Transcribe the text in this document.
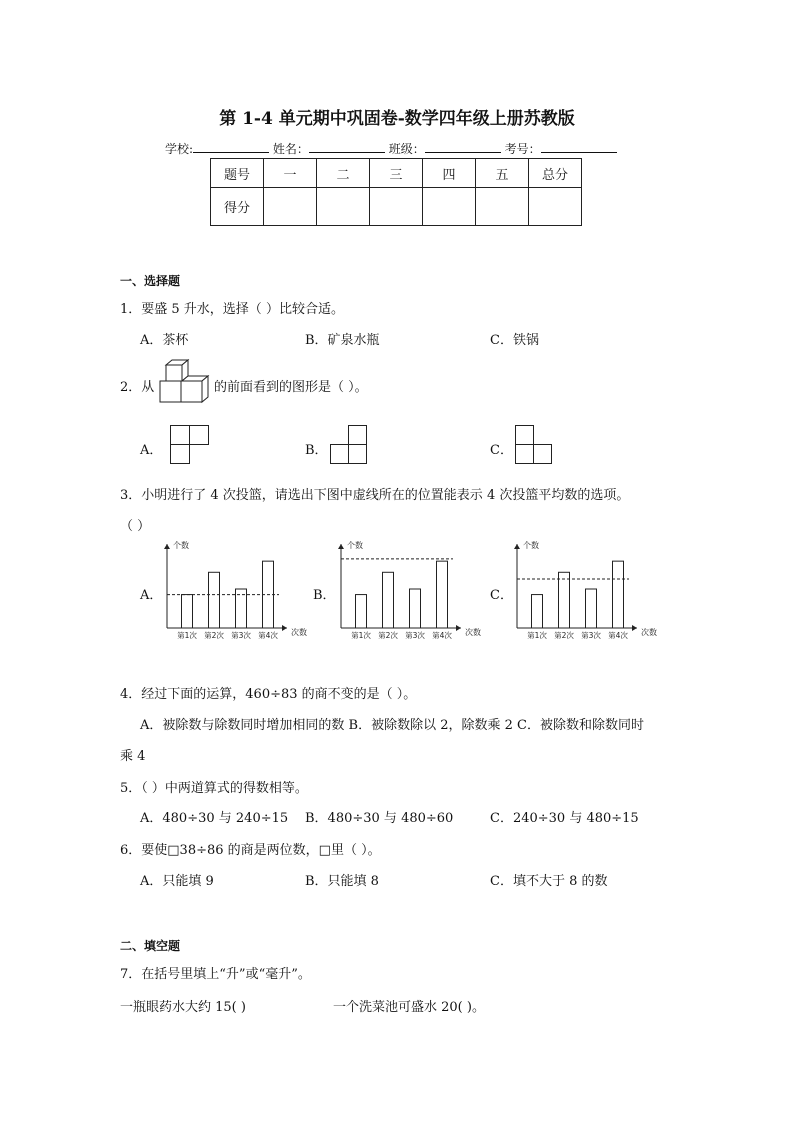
第 1-4 单元期中巩固卷-数学四年级上册苏教版
学校:	姓名：	班级：	考号：
题号	一	二	三	四	五	总分
得分						
一、选择题
1．要盛 5 升水，选择（ ）比较合适。
A．茶杯	B．矿泉水瓶	C．铁锅
2．从	的前面看到的图形是（ ）。
A．	B．	C．
3．小明进行了 4 次投篮，请选出下图中虚线所在的位置能表示 4 次投篮平均数的选项。
（ ）
A．
个数
次数
第1次 第2次 第3次 第4次
B．
个数
次数
第1次 第2次 第3次 第4次
C．
个数
次数
第1次 第2次 第3次 第4次
4．经过下面的运算，460÷83 的商不变的是（ ）。
A．被除数与除数同时增加相同的数 B．被除数除以 2，除数乘 2 C．被除数和除数同时
乘 4
5．（ ）中两道算式的得数相等。
A．480÷30 与 240÷15 B．480÷30 与 480÷60	C．240÷30 与 480÷15
6．要使□38÷86 的商是两位数，□里（ ）。
A．只能填 9	B．只能填 8	C．填不大于 8 的数
二、填空题
7．在括号里填上“升”或“毫升”。
一瓶眼药水大约 15( )	一个洗菜池可盛水 20( )。
